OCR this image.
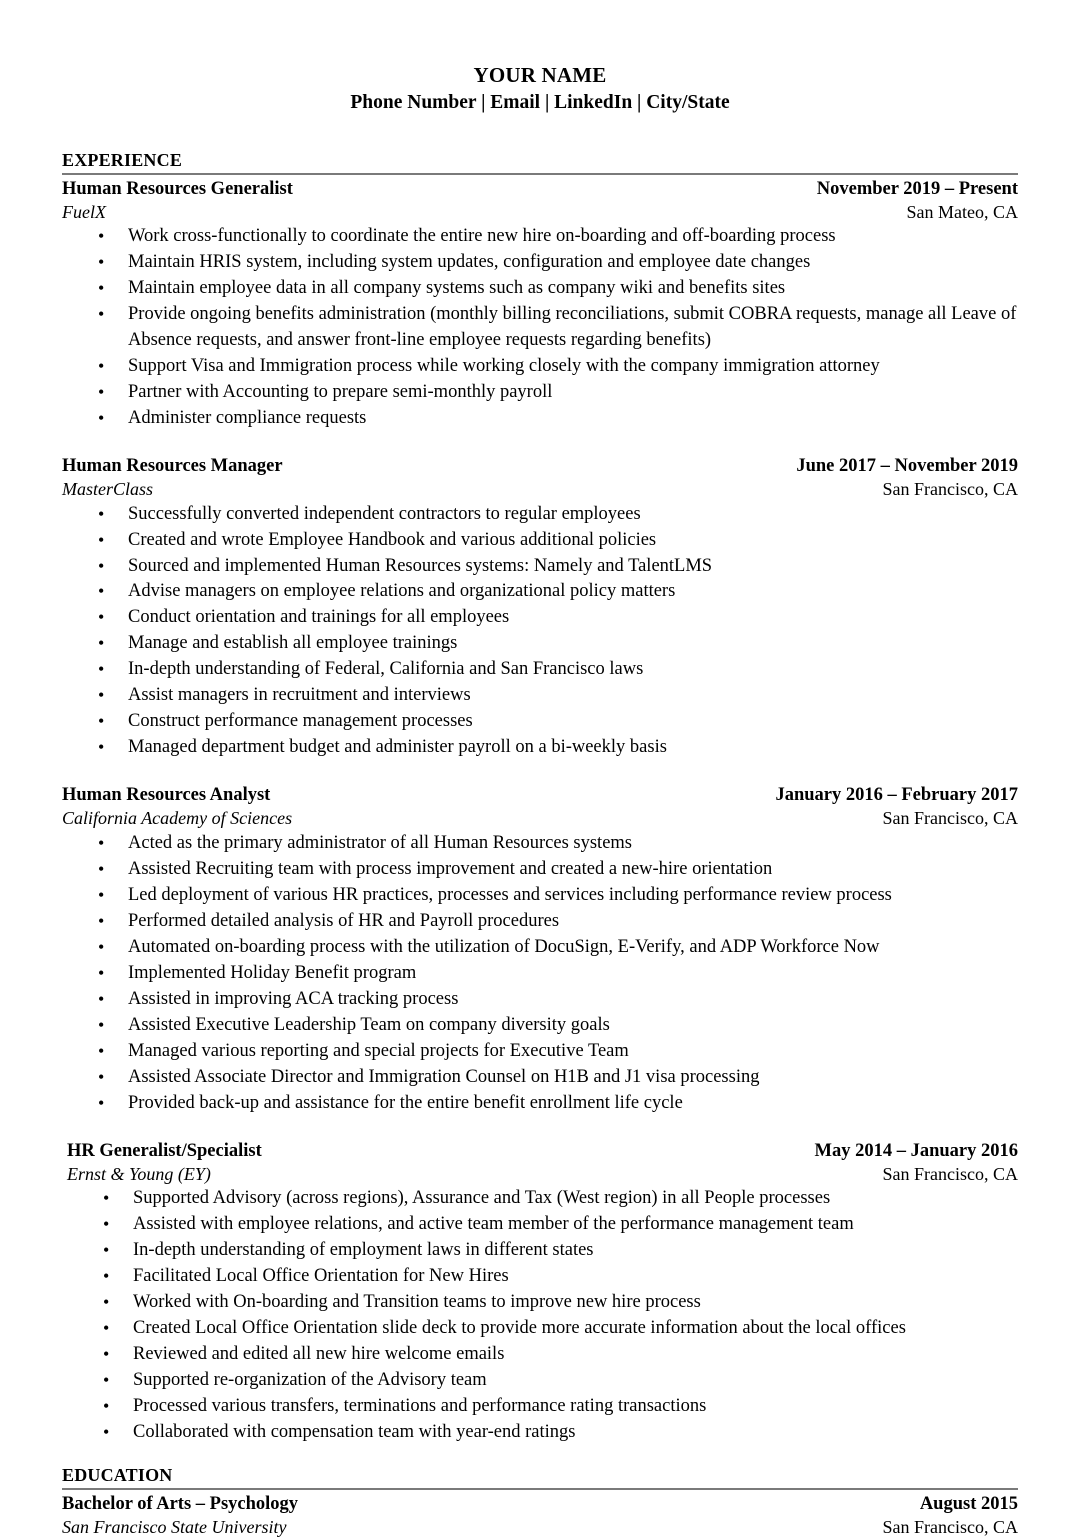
YOUR NAME
Phone Number | Email | LinkedIn | City/State
EXPERIENCE
Human Resources Generalist	November 2019 – Present
FuelX	San Mateo, CA
• Work cross-functionally to coordinate the entire new hire on-boarding and off-boarding process
• Maintain HRIS system, including system updates, configuration and employee date changes
• Maintain employee data in all company systems such as company wiki and benefits sites
• Provide ongoing benefits administration (monthly billing reconciliations, submit COBRA requests, manage all Leave of Absence requests, and answer front-line employee requests regarding benefits)
• Support Visa and Immigration process while working closely with the company immigration attorney
• Partner with Accounting to prepare semi-monthly payroll
• Administer compliance requests
Human Resources Manager	June 2017 – November 2019
MasterClass	San Francisco, CA
• Successfully converted independent contractors to regular employees
• Created and wrote Employee Handbook and various additional policies
• Sourced and implemented Human Resources systems: Namely and TalentLMS
• Advise managers on employee relations and organizational policy matters
• Conduct orientation and trainings for all employees
• Manage and establish all employee trainings
• In-depth understanding of Federal, California and San Francisco laws
• Assist managers in recruitment and interviews
• Construct performance management processes
• Managed department budget and administer payroll on a bi-weekly basis
Human Resources Analyst	January 2016 – February 2017
California Academy of Sciences	San Francisco, CA
• Acted as the primary administrator of all Human Resources systems
• Assisted Recruiting team with process improvement and created a new-hire orientation
• Led deployment of various HR practices, processes and services including performance review process
• Performed detailed analysis of HR and Payroll procedures
• Automated on-boarding process with the utilization of DocuSign, E-Verify, and ADP Workforce Now
• Implemented Holiday Benefit program
• Assisted in improving ACA tracking process
• Assisted Executive Leadership Team on company diversity goals
• Managed various reporting and special projects for Executive Team
• Assisted Associate Director and Immigration Counsel on H1B and J1 visa processing
• Provided back-up and assistance for the entire benefit enrollment life cycle
HR Generalist/Specialist	May 2014 – January 2016
Ernst & Young (EY)	San Francisco, CA
• Supported Advisory (across regions), Assurance and Tax (West region) in all People processes
• Assisted with employee relations, and active team member of the performance management team
• In-depth understanding of employment laws in different states
• Facilitated Local Office Orientation for New Hires
• Worked with On-boarding and Transition teams to improve new hire process
• Created Local Office Orientation slide deck to provide more accurate information about the local offices
• Reviewed and edited all new hire welcome emails
• Supported re-organization of the Advisory team
• Processed various transfers, terminations and performance rating transactions
• Collaborated with compensation team with year-end ratings
EDUCATION
Bachelor of Arts – Psychology	August 2015
San Francisco State University	San Francisco, CA
